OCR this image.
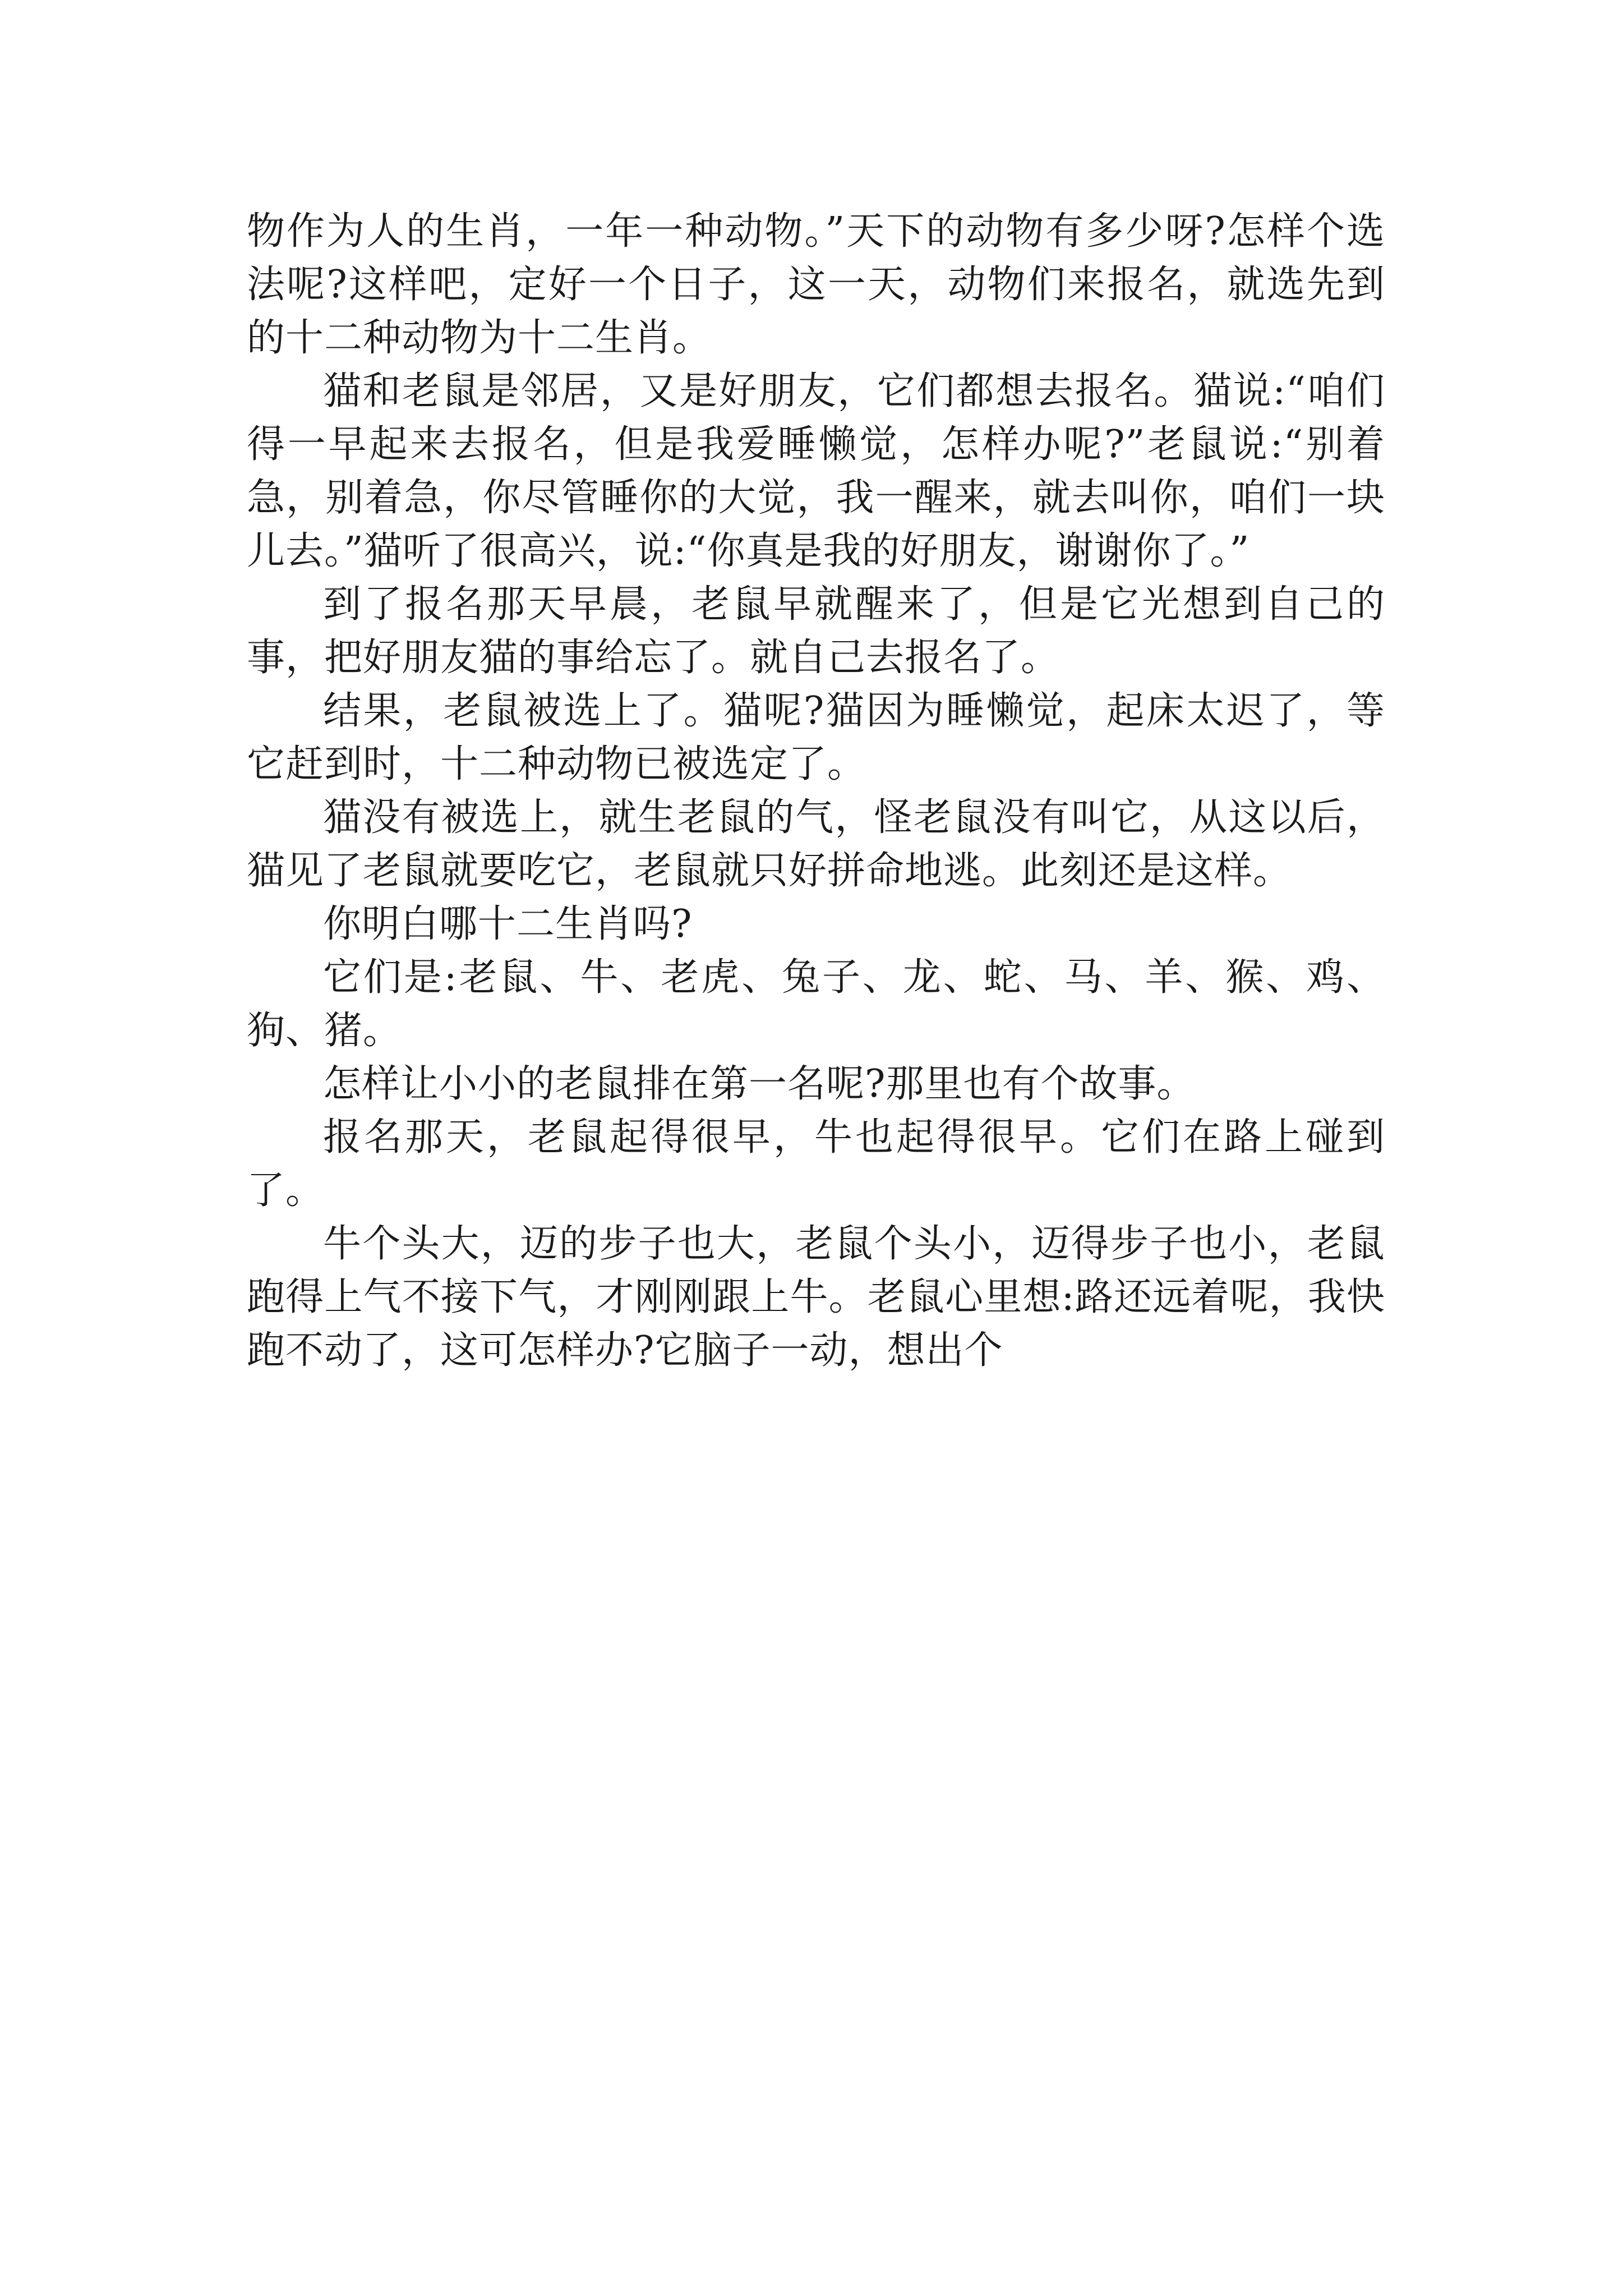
物作为人的生肖，一年一种动物。”天下的动物有多少呀?怎样个选法呢?这样吧，定好一个日子，这一天，动物们来报名，就选先到的十二种动物为十二生肖。

猫和老鼠是邻居，又是好朋友，它们都想去报名。猫说:“咱们得一早起来去报名，但是我爱睡懒觉，怎样办呢?”老鼠说:“别着急，别着急，你尽管睡你的大觉，我一醒来，就去叫你，咱们一块儿去。”猫听了很高兴，说:“你真是我的好朋友，谢谢你了。”

到了报名那天早晨，老鼠早就醒来了，但是它光想到自己的事，把好朋友猫的事给忘了。就自己去报名了。

结果，老鼠被选上了。猫呢?猫因为睡懒觉，起床太迟了，等它赶到时，十二种动物已被选定了。

猫没有被选上，就生老鼠的气，怪老鼠没有叫它，从这以后，猫见了老鼠就要吃它，老鼠就只好拼命地逃。此刻还是这样。

你明白哪十二生肖吗?

它们是:老鼠、牛、老虎、兔子、龙、蛇、马、羊、猴、鸡、狗、猪。

怎样让小小的老鼠排在第一名呢?那里也有个故事。

报名那天，老鼠起得很早，牛也起得很早。它们在路上碰到了。

牛个头大，迈的步子也大，老鼠个头小，迈得步子也小，老鼠跑得上气不接下气，才刚刚跟上牛。老鼠心里想:路还远着呢，我快跑不动了，这可怎样办?它脑子一动，想出个
